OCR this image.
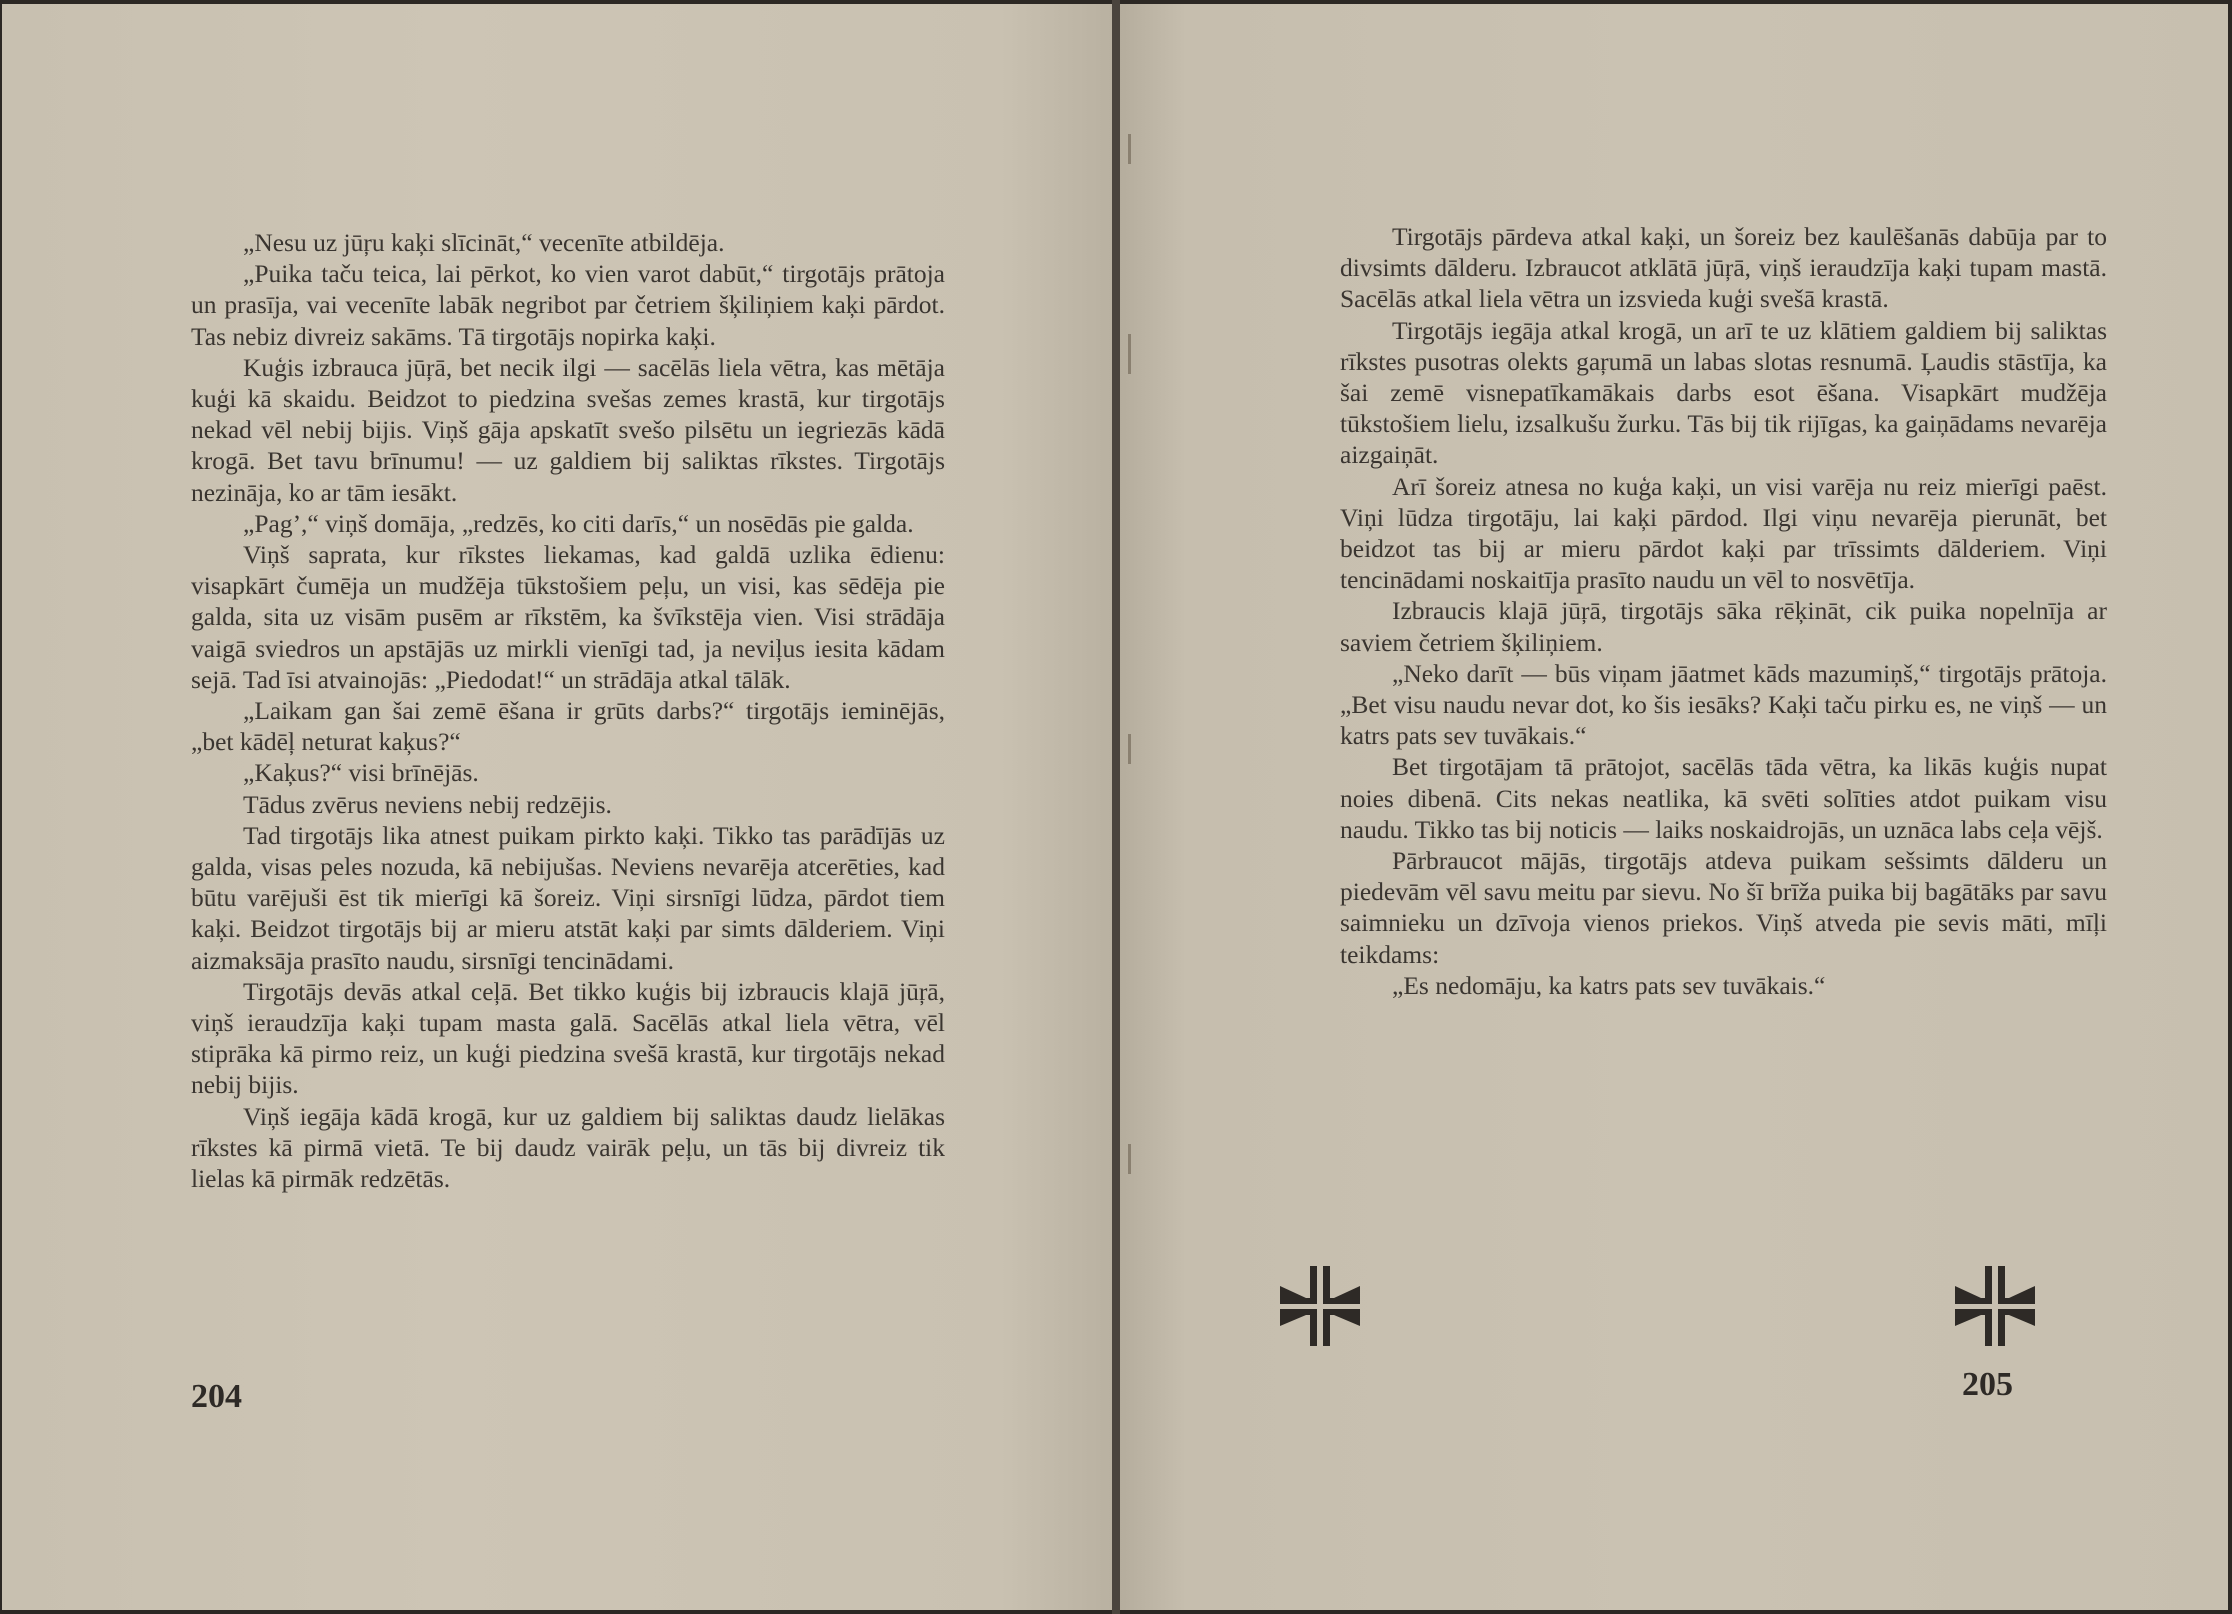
„Nesu uz jūŗu kaķi slīcināt,“ vecenīte atbildēja.

„Puika taču teica, lai pērkot, ko vien varot dabūt,“ tirgotājs prātoja un prasīja, vai vecenīte labāk negribot par četriem šķiliņiem kaķi pārdot. Tas nebiz divreiz sakāms. Tā tirgotājs nopirka kaķi.

Kuģis izbrauca jūŗā, bet necik ilgi — sacēlās liela vētra, kas mētāja kuģi kā skaidu. Beidzot to piedzina svešas zemes krastā, kur tirgotājs nekad vēl nebij bijis. Viņš gāja apskatīt svešo pilsētu un iegriezās kādā krogā. Bet tavu brīnumu! — uz galdiem bij saliktas rīkstes. Tirgotājs nezināja, ko ar tām iesākt.

„Pag’,“ viņš domāja, „redzēs, ko citi darīs,“ un nosēdās pie galda.

Viņš saprata, kur rīkstes liekamas, kad galdā uzlika ēdienu: visapkārt čumēja un mudžēja tūkstošiem peļu, un visi, kas sēdēja pie galda, sita uz visām pusēm ar rīkstēm, ka švīkstēja vien. Visi strādāja vaigā sviedros un apstājās uz mirkli vienīgi tad, ja neviļus iesita kādam sejā. Tad īsi atvainojās: „Piedodat!“ un strādāja atkal tālāk.

„Laikam gan šai zemē ēšana ir grūts darbs?“ tirgotājs ieminējās, „bet kādēļ neturat kaķus?“

„Kaķus?“ visi brīnējās.

Tādus zvērus neviens nebij redzējis.

Tad tirgotājs lika atnest puikam pirkto kaķi. Tikko tas parādījās uz galda, visas peles nozuda, kā nebijušas. Neviens nevarēja atcerēties, kad būtu varējuši ēst tik mierīgi kā šoreiz. Viņi sirsnīgi lūdza, pārdot tiem kaķi. Beidzot tirgotājs bij ar mieru atstāt kaķi par simts dālderiem. Viņi aizmaksāja prasīto naudu, sirsnīgi tencinādami.

Tirgotājs devās atkal ceļā. Bet tikko kuģis bij izbraucis klajā jūŗā, viņš ieraudzīja kaķi tupam masta galā. Sacēlās atkal liela vētra, vēl stiprāka kā pirmo reiz, un kuģi piedzina svešā krastā, kur tirgotājs nekad nebij bijis.

Viņš iegāja kādā krogā, kur uz galdiem bij saliktas daudz lielākas rīkstes kā pirmā vietā. Te bij daudz vairāk peļu, un tās bij divreiz tik lielas kā pirmāk redzētās.

204

Tirgotājs pārdeva atkal kaķi, un šoreiz bez kaulēšanās dabūja par to divsimts dālderu. Izbraucot atklātā jūŗā, viņš ieraudzīja kaķi tupam mastā. Sacēlās atkal liela vētra un izsvieda kuģi svešā krastā.

Tirgotājs iegāja atkal krogā, un arī te uz klātiem galdiem bij saliktas rīkstes pusotras olekts gaŗumā un labas slotas resnumā. Ļaudis stāstīja, ka šai zemē visnepatīkamākais darbs esot ēšana. Visapkārt mudžēja tūkstošiem lielu, izsalkušu žurku. Tās bij tik rijīgas, ka gaiņādams nevarēja aizgaiņāt.

Arī šoreiz atnesa no kuģa kaķi, un visi varēja nu reiz mierīgi paēst. Viņi lūdza tirgotāju, lai kaķi pārdod. Ilgi viņu nevarēja pierunāt, bet beidzot tas bij ar mieru pārdot kaķi par trīssimts dālderiem. Viņi tencinādami noskaitīja prasīto naudu un vēl to nosvētīja.

Izbraucis klajā jūŗā, tirgotājs sāka rēķināt, cik puika nopelnīja ar saviem četriem šķiliņiem.

„Neko darīt — būs viņam jāatmet kāds mazumiņš,“ tirgotājs prātoja. „Bet visu naudu nevar dot, ko šis iesāks? Kaķi taču pirku es, ne viņš — un katrs pats sev tuvākais.“

Bet tirgotājam tā prātojot, sacēlās tāda vētra, ka likās kuģis nupat noies dibenā. Cits nekas neatlika, kā svēti solīties atdot puikam visu naudu. Tikko tas bij noticis — laiks noskaidrojās, un uznāca labs ceļa vējš.

Pārbraucot mājās, tirgotājs atdeva puikam sešsimts dālderu un piedevām vēl savu meitu par sievu. No šī brīža puika bij bagātāks par savu saimnieku un dzīvoja vienos priekos. Viņš atveda pie sevis māti, mīļi teikdams:

„Es nedomāju, ka katrs pats sev tuvākais.“

205
